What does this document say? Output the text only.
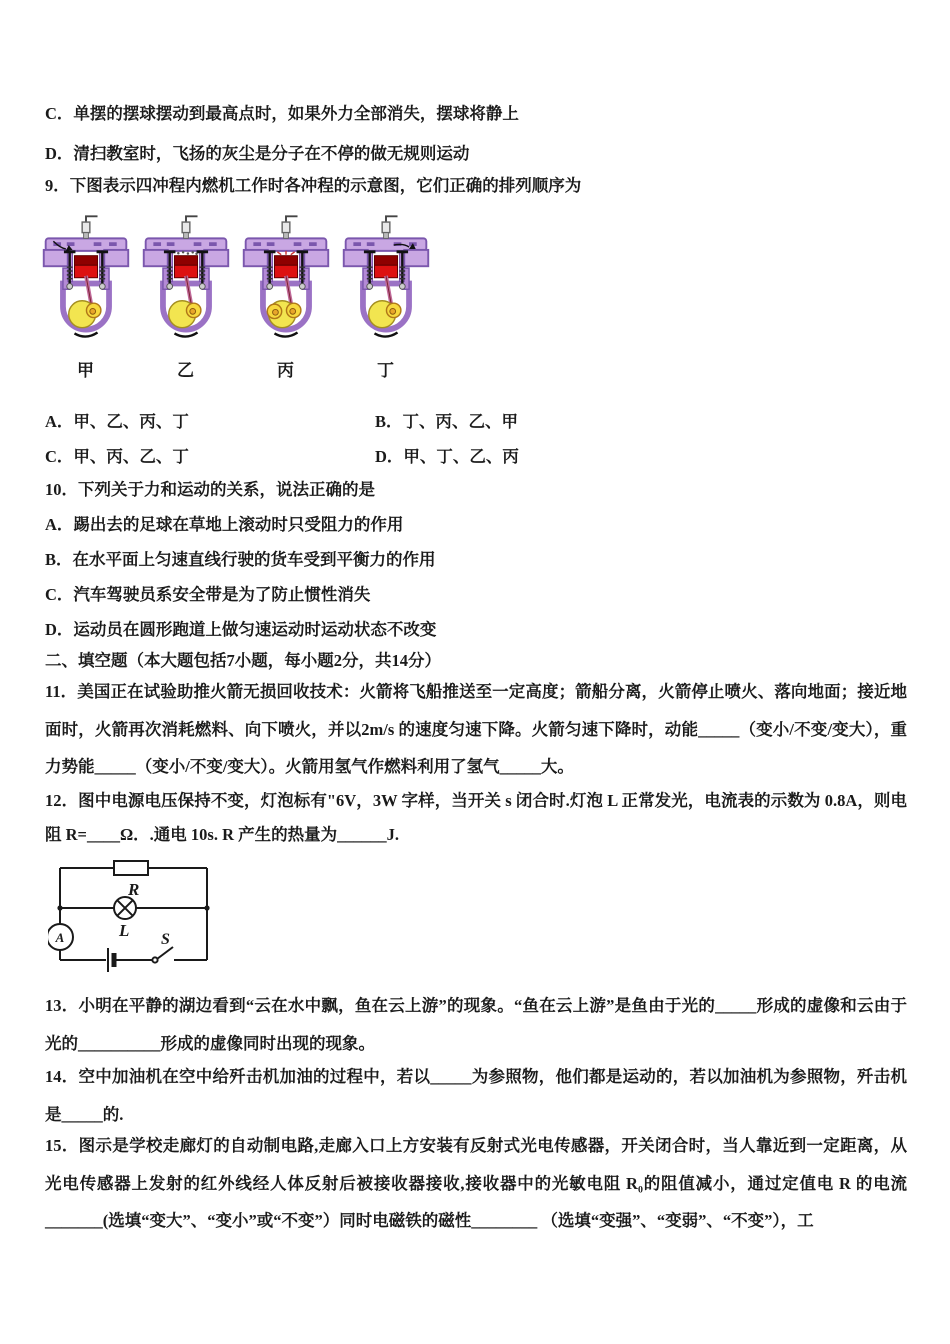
C．单摆的摆球摆动到最高点时，如果外力全部消失，摆球将静上

D．清扫教室时，飞扬的灰尘是分子在不停的做无规则运动

9．下图表示四冲程内燃机工作时各冲程的示意图，它们正确的排列顺序为

甲	乙	丙	丁

A．甲、乙、丙、丁	B．丁、丙、乙、甲

C．甲、丙、乙、丁	D．甲、丁、乙、丙

10．下列关于力和运动的关系，说法正确的是

A．踢出去的足球在草地上滚动时只受阻力的作用

B．在水平面上匀速直线行驶的货车受到平衡力的作用

C．汽车驾驶员系安全带是为了防止惯性消失

D．运动员在圆形跑道上做匀速运动时运动状态不改变

二、填空题（本大题包括7小题，每小题2分，共14分）

11．美国正在试验助推火箭无损回收技术：火箭将飞船推送至一定高度；箭船分离，火箭停止喷火、落向地面；接近地面时，火箭再次消耗燃料、向下喷火，并以2m/s 的速度匀速下降。火箭匀速下降时，动能_____（变小/不变/变大），重力势能_____（变小/不变/变大）。火箭用氢气作燃料利用了氢气_____大。

12．图中电源电压保持不变，灯泡标有"6V，3W 字样，当开关 s 闭合时.灯泡 L 正常发光，电流表的示数为 0.8A，则电阻 R=____Ω．.通电 10s. R 产生的热量为______J.

R
L
A	S

13．小明在平静的湖边看到“云在水中飘，鱼在云上游”的现象。“鱼在云上游”是鱼由于光的_____形成的虚像和云由于光的__________形成的虚像同时出现的现象。

14．空中加油机在空中给歼击机加油的过程中，若以_____为参照物，他们都是运动的，若以加油机为参照物，歼击机是_____的.

15．图示是学校走廊灯的自动制电路,走廊入口上方安装有反射式光电传感器，开关闭合时，当人靠近到一定距离，从光电传感器上发射的红外线经人体反射后被接收器接收,接收器中的光敏电阻 R₀的阻值减小，通过定值电 R 的电流_______(选填“变大”、“变小”或“不变”）同时电磁铁的磁性________ （选填“变强”、“变弱”、“不变”），工
